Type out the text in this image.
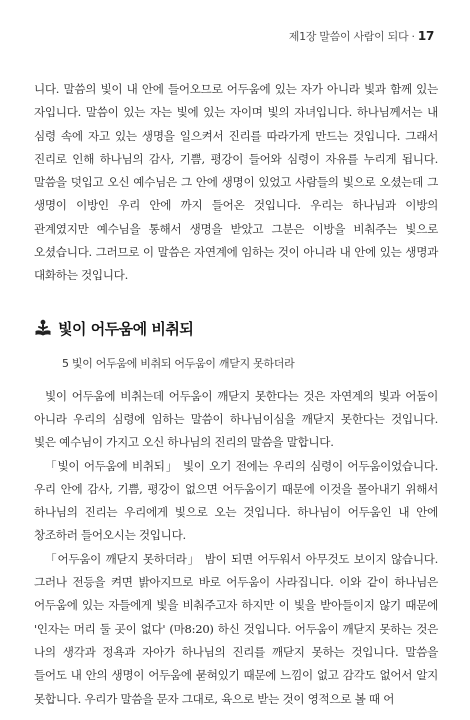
제1장 말씀이 사람이 되다 · 17

니다. 말씀의 빛이 내 안에 들어오므로 어두움에 있는 자가 아니라 빛과 함께 있는 자입니다. 말씀이 있는 자는 빛에 있는 자이며 빛의 자녀입니다. 하나님께서는 내 심령 속에 자고 있는 생명을 일으켜서 진리를 따라가게 만드는 것입니다. 그래서 진리로 인해 하나님의 감사, 기쁨, 평강이 들어와 심령이 자유를 누리게 됩니다. 말씀을 덧입고 오신 예수님은 그 안에 생명이 있었고 사람들의 빛으로 오셨는데 그 생명이 이방인 우리 안에 까지 들어온 것입니다. 우리는 하나님과 이방의 관계였지만 예수님을 통해서 생명을 받았고 그분은 이방을 비춰주는 빛으로 오셨습니다. 그러므로 이 말씀은 자연계에 임하는 것이 아니라 내 안에 있는 생명과 대화하는 것입니다.

빛이 어두움에 비취되
5 빛이 어두움에 비취되 어두움이 깨닫지 못하더라

빛이 어두움에 비취는데 어두움이 깨닫지 못한다는 것은 자연계의 빛과 어둠이 아니라 우리의 심령에 임하는 말씀이 하나님이심을 깨닫지 못한다는 것입니다. 빛은 예수님이 가지고 오신 하나님의 진리의 말씀을 말합니다.

「빛이 어두움에 비취되」 빛이 오기 전에는 우리의 심령이 어두움이었습니다. 우리 안에 감사, 기쁨, 평강이 없으면 어두움이기 때문에 이것을 몰아내기 위해서 하나님의 진리는 우리에게 빛으로 오는 것입니다. 하나님이 어두움인 내 안에 창조하러 들어오시는 것입니다.

「어두움이 깨닫지 못하더라」 밤이 되면 어두워서 아무것도 보이지 않습니다. 그러나 전등을 켜면 밝아지므로 바로 어두움이 사라집니다. 이와 같이 하나님은 어두움에 있는 자들에게 빛을 비춰주고자 하지만 이 빛을 받아들이지 않기 때문에 '인자는 머리 둘 곳이 없다' (마8:20) 하신 것입니다. 어두움이 깨닫지 못하는 것은 나의 생각과 정욕과 자아가 하나님의 진리를 깨닫지 못하는 것입니다. 말씀을 들어도 내 안의 생명이 어두움에 묻혀있기 때문에 느낌이 없고 감각도 없어서 알지 못합니다. 우리가 말씀을 문자 그대로, 육으로 받는 것이 영적으로 볼 때 어
